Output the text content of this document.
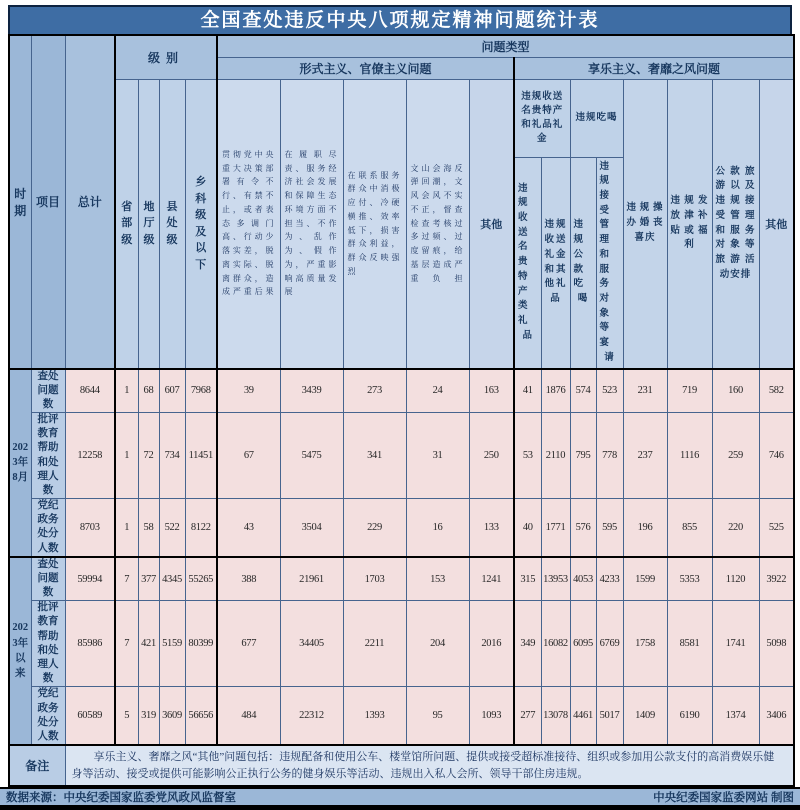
全国查处违反中央八项规定精神问题统计表
时期	项目	总计	级别				问题类型												
							形式主义、官僚主义问题					享乐主义、奢靡之风问题							
			省部级	地厅级	县处级	乡科级及以下	贯彻党中央重大决策部署有令不行、有禁不止，或者表态多调门高、行动少落实差，脱离实际、脱离群众，造成严重后果	在履职尽责、服务经济社会发展和保障生态环境方面不担当、不作为、乱作为、假作为，严重影响高质量发展	在联系服务群众中消极应付、冷硬横推、效率低下，损害群众利益，群众反映强烈	文山会海反弹回潮，文风会风不实不正，督查检查考核过多过频、过度留痕，给基层造成严重负担	其他	违规收送名贵特产和礼品礼金		违规吃喝		违规操办婚丧喜庆	违规发放津补贴或福利	公款旅游以及违规接受管理和服务对象等旅游活动安排	其他
												违规收送名贵特产类礼品	违规收送礼金和其他礼品	违规公款吃喝	违规接受管理和服务对象等宴请				
2023年8月	查处问题数	8644	1	68	607	7968	39	3439	273	24	163	41	1876	574	523	231	719	160	582
	批评教育帮助和处理人数	12258	1	72	734	11451	67	5475	341	31	250	53	2110	795	778	237	1116	259	746
	党纪政务处分人数	8703	1	58	522	8122	43	3504	229	16	133	40	1771	576	595	196	855	220	525
2023年以来	查处问题数	59994	7	377	4345	55265	388	21961	1703	153	1241	315	13953	4053	4233	1599	5353	1120	3922
	批评教育帮助和处理人数	85986	7	421	5159	80399	677	34405	2211	204	2016	349	16082	6095	6769	1758	8581	1741	5098
	党纪政务处分人数	60589	5	319	3609	56656	484	22312	1393	95	1093	277	13078	4461	5017	1409	6190	1374	3406
备注		享乐主义、奢靡之风“其他”问题包括：违规配备和使用公车、楼堂馆所问题、提供或接受超标准接待、组织或参加用公款支付的高消费娱乐健身等活动、接受或提供可能影响公正执行公务的健身娱乐等活动、违规出入私人会所、领导干部住房违规。																	
数据来源：中央纪委国家监委党风政风监督室	中央纪委国家监委网站 制图
